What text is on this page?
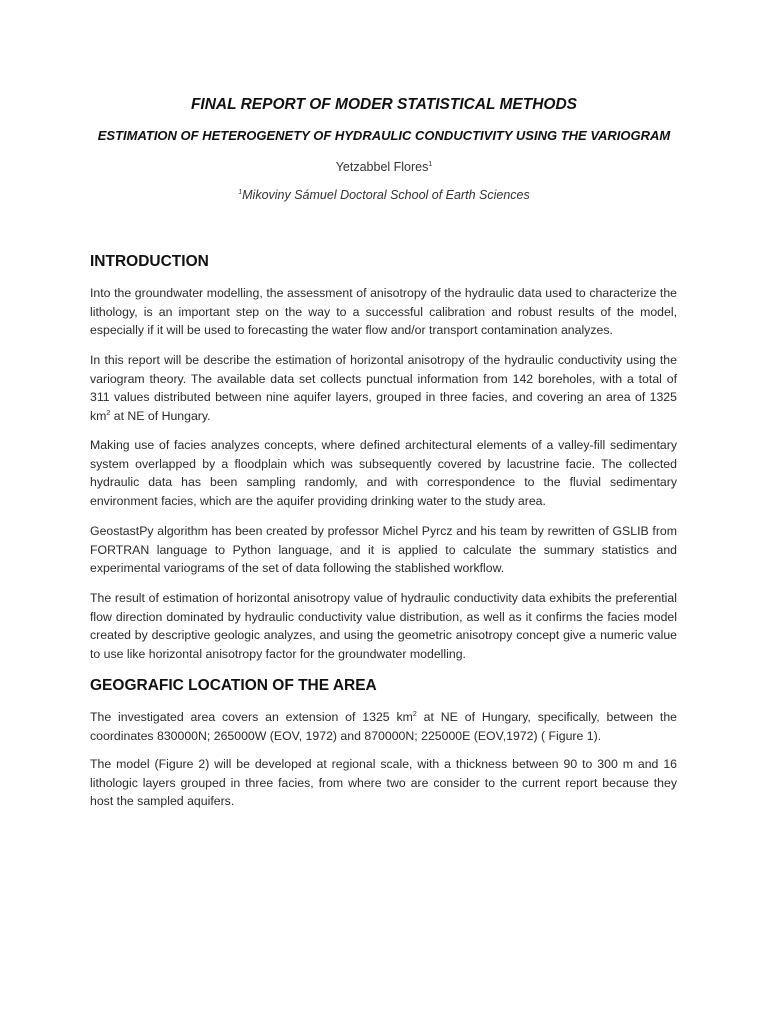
FINAL REPORT OF MODER STATISTICAL METHODS
ESTIMATION OF HETEROGENETY OF HYDRAULIC CONDUCTIVITY USING THE VARIOGRAM
Yetzabbel Flores$^1$
$^1$Mikoviny Sámuel Doctoral School of Earth Sciences
INTRODUCTION

Into the groundwater modelling, the assessment of anisotropy of the hydraulic data used to characterize the lithology, is an important step on the way to a successful calibration and robust results of the model, especially if it will be used to forecasting the water flow and/or transport contamination analyzes.

In this report will be describe the estimation of horizontal anisotropy of the hydraulic conductivity using the variogram theory. The available data set collects punctual information from 142 boreholes, with a total of 311 values distributed between nine aquifer layers, grouped in three facies, and covering an area of 1325 $km^2$ at NE of Hungary.

Making use of facies analyzes concepts, where defined architectural elements of a valley-fill sedimentary system overlapped by a floodplain which was subsequently covered by lacustrine facie. The collected hydraulic data has been sampling randomly, and with correspondence to the fluvial sedimentary environment facies, which are the aquifer providing drinking water to the study area.

GeostastPy algorithm has been created by professor Michel Pyrcz and his team by rewritten of GSLIB from FORTRAN language to Python language, and it is applied to calculate the summary statistics and experimental variograms of the set of data following the stablished workflow.

The result of estimation of horizontal anisotropy value of hydraulic conductivity data exhibits the preferential flow direction dominated by hydraulic conductivity value distribution, as well as it confirms the facies model created by descriptive geologic analyzes, and using the geometric anisotropy concept give a numeric value to use like horizontal anisotropy factor for the groundwater modelling.

GEOGRAFIC LOCATION OF THE AREA

The investigated area covers an extension of 1325 $km^2$ at NE of Hungary, specifically, between the coordinates 830000N; 265000W (EOV, 1972) and 870000N; 225000E (EOV,1972) ( Figure 1).

The model (Figure 2) will be developed at regional scale, with a thickness between 90 to 300 m and 16 lithologic layers grouped in three facies, from where two are consider to the current report because they host the sampled aquifers.
